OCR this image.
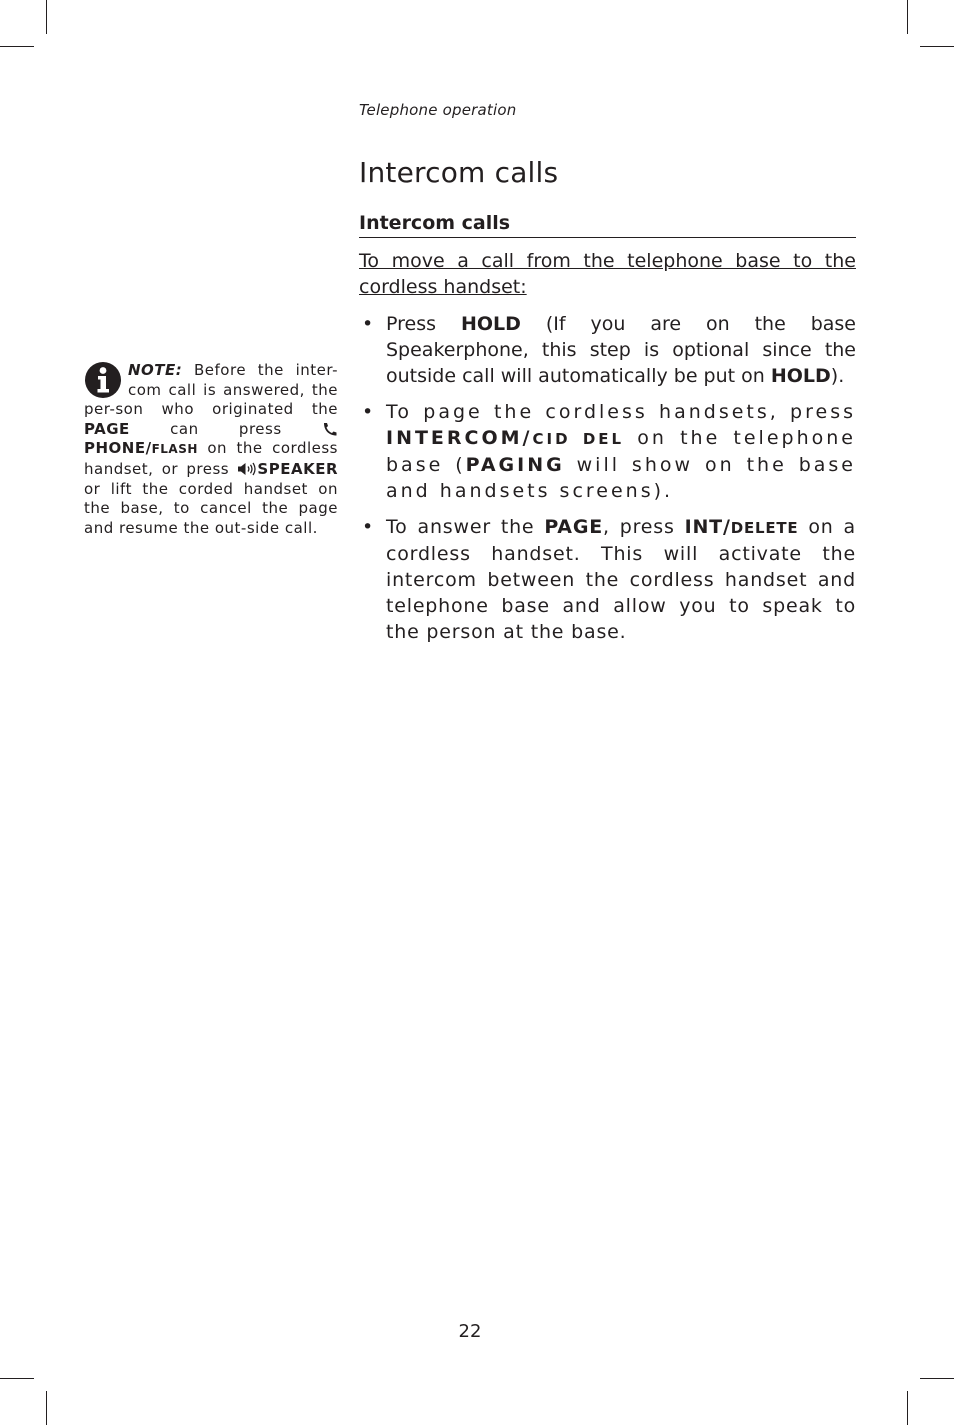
Telephone operation
Intercom calls
Intercom calls

To move a call from the telephone base to the cordless handset:

• Press HOLD (If you are on the base Speakerphone, this step is optional since the outside call will automatically be put on HOLD).
• To page the cordless handsets, press INTERCOM/CID DEL on the telephone base (PAGING will show on the base and handsets screens).
• To answer the PAGE, press INT/DELETE on a cordless handset. This will activate the intercom between the cordless handset and telephone base and allow you to speak to the person at the base.

NOTE: Before the inter-com call is answered, the per-son who originated the PAGE can press PHONE/FLASH on the cordless handset, or press SPEAKER or lift the corded handset on the base, to cancel the page and resume the out-side call.

22
